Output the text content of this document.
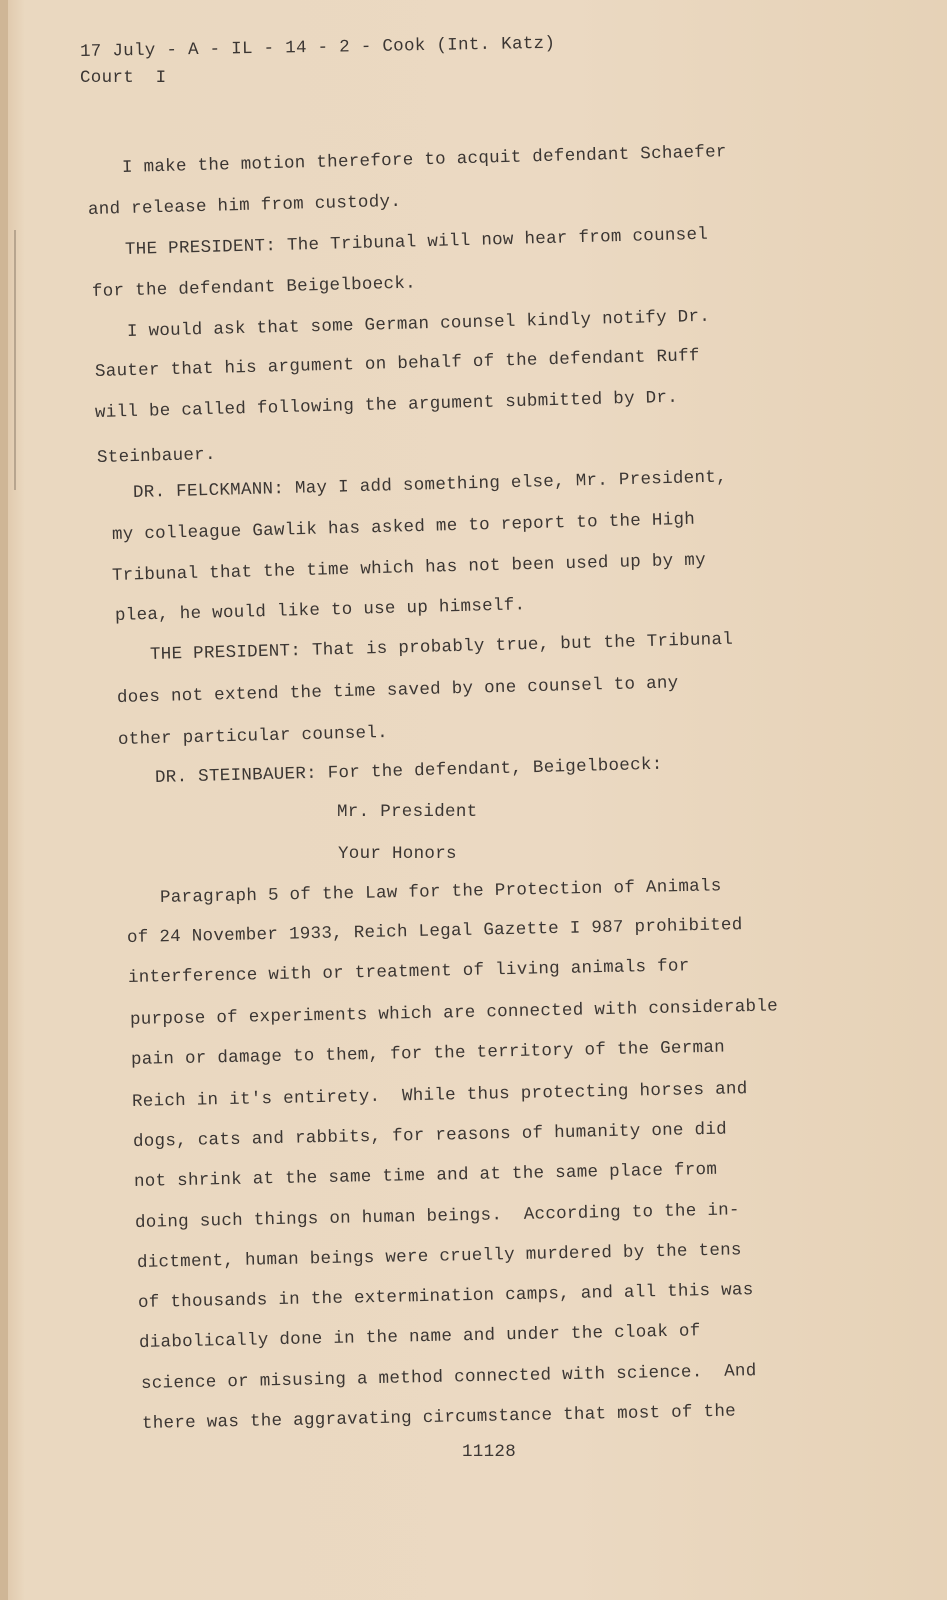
17 July - A - IL - 14 - 2 - Cook (Int. Katz)
Court  I
I make the motion therefore to acquit defendant Schaefer
and release him from custody.
THE PRESIDENT: The Tribunal will now hear from counsel
for the defendant Beigelboeck.
I would ask that some German counsel kindly notify Dr.
Sauter that his argument on behalf of the defendant Ruff
will be called following the argument submitted by Dr.
Steinbauer.
DR. FELCKMANN: May I add something else, Mr. President,
my colleague Gawlik has asked me to report to the High
Tribunal that the time which has not been used up by my
plea, he would like to use up himself.
THE PRESIDENT: That is probably true, but the Tribunal
does not extend the time saved by one counsel to any
other particular counsel.
DR. STEINBAUER: For the defendant, Beigelboeck:
Mr. President
Your Honors
Paragraph 5 of the Law for the Protection of Animals
of 24 November 1933, Reich Legal Gazette I 987 prohibited
interference with or treatment of living animals for
purpose of experiments which are connected with considerable
pain or damage to them, for the territory of the German
Reich in it's entirety.  While thus protecting horses and
dogs, cats and rabbits, for reasons of humanity one did
not shrink at the same time and at the same place from
doing such things on human beings.  According to the in-
dictment, human beings were cruelly murdered by the tens
of thousands in the extermination camps, and all this was
diabolically done in the name and under the cloak of
science or misusing a method connected with science.  And
there was the aggravating circumstance that most of the
11128
